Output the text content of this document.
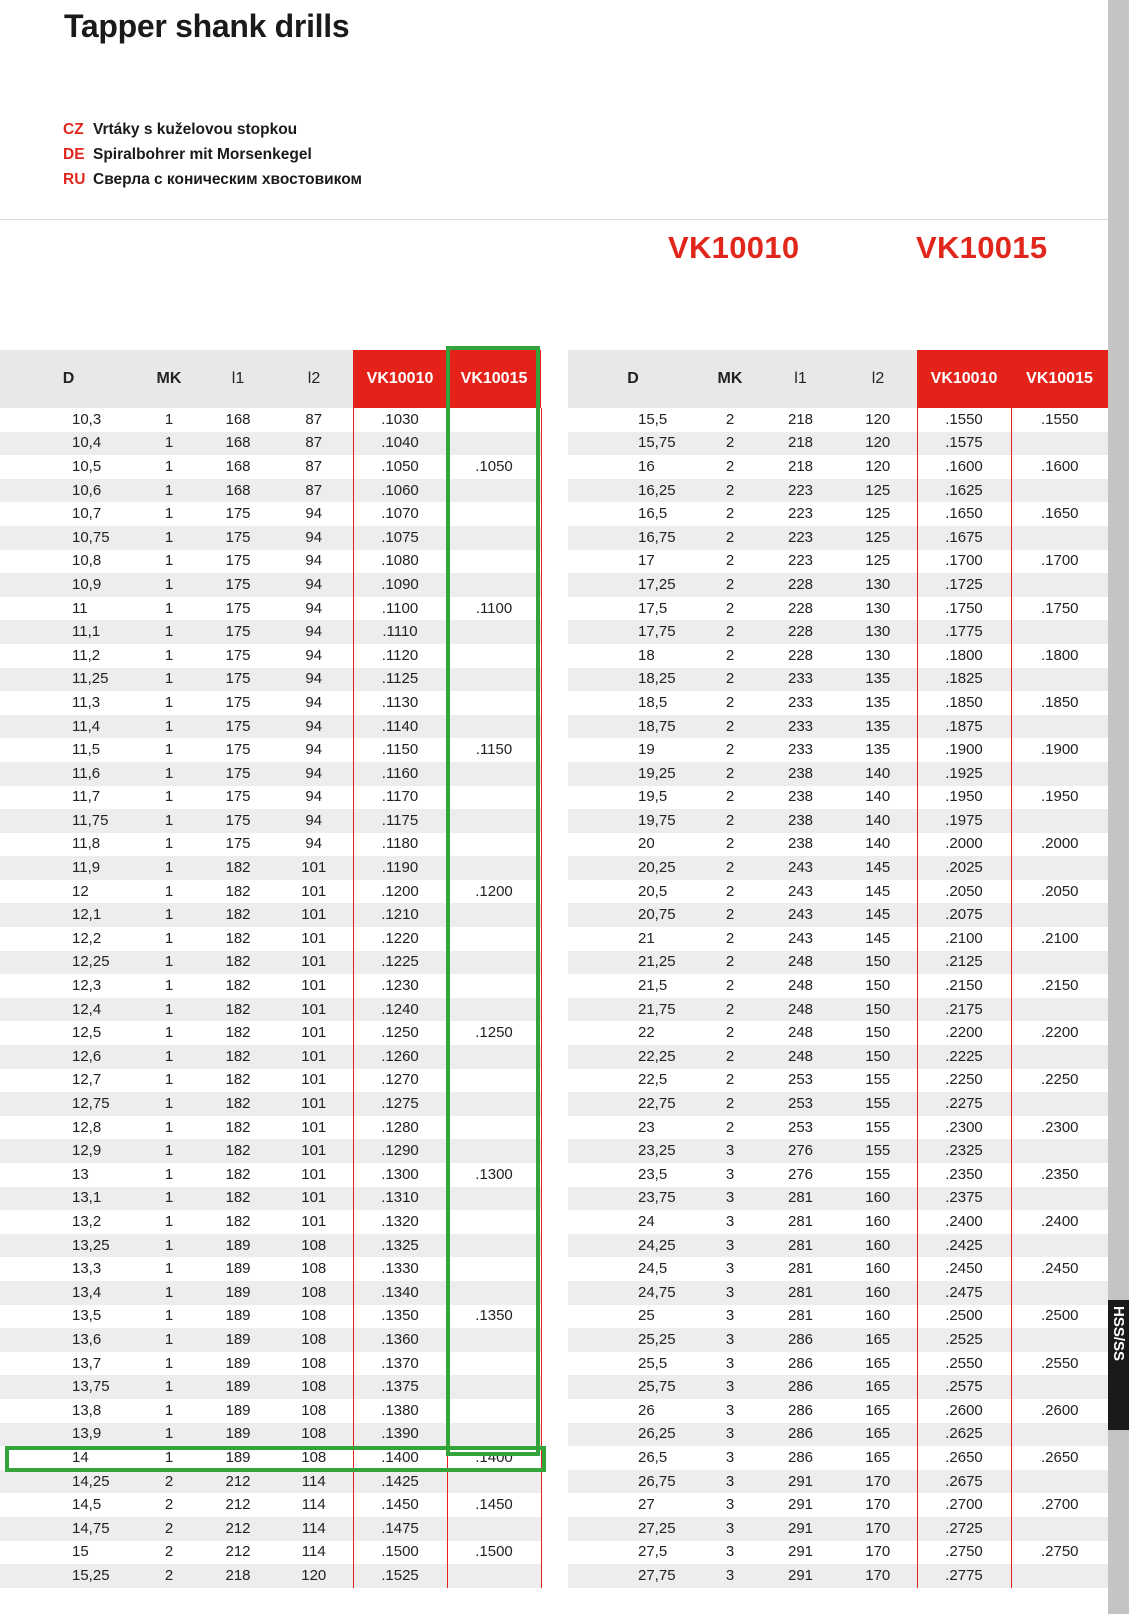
Tapper shank drills
CZ Vrtáky s kuželovou stopkou
DE Spiralbohrer mit Morsenkegel
RU Сверла с коническим хвостовиком
VK10010	VK10015
HSS/SS
D	MK	l1	l2	VK10010	VK10015
10,3	1	168	87	.1030	
10,4	1	168	87	.1040	
10,5	1	168	87	.1050	.1050
10,6	1	168	87	.1060	
10,7	1	175	94	.1070	
10,75	1	175	94	.1075	
10,8	1	175	94	.1080	
10,9	1	175	94	.1090	
11	1	175	94	.1100	.1100
11,1	1	175	94	.1110	
11,2	1	175	94	.1120	
11,25	1	175	94	.1125	
11,3	1	175	94	.1130	
11,4	1	175	94	.1140	
11,5	1	175	94	.1150	.1150
11,6	1	175	94	.1160	
11,7	1	175	94	.1170	
11,75	1	175	94	.1175	
11,8	1	175	94	.1180	
11,9	1	182	101	.1190	
12	1	182	101	.1200	.1200
12,1	1	182	101	.1210	
12,2	1	182	101	.1220	
12,25	1	182	101	.1225	
12,3	1	182	101	.1230	
12,4	1	182	101	.1240	
12,5	1	182	101	.1250	.1250
12,6	1	182	101	.1260	
12,7	1	182	101	.1270	
12,75	1	182	101	.1275	
12,8	1	182	101	.1280	
12,9	1	182	101	.1290	
13	1	182	101	.1300	.1300
13,1	1	182	101	.1310	
13,2	1	182	101	.1320	
13,25	1	189	108	.1325	
13,3	1	189	108	.1330	
13,4	1	189	108	.1340	
13,5	1	189	108	.1350	.1350
13,6	1	189	108	.1360	
13,7	1	189	108	.1370	
13,75	1	189	108	.1375	
13,8	1	189	108	.1380	
13,9	1	189	108	.1390	
14	1	189	108	.1400	.1400
14,25	2	212	114	.1425	
14,5	2	212	114	.1450	.1450
14,75	2	212	114	.1475	
15	2	212	114	.1500	.1500
15,25	2	218	120	.1525	
D	MK	l1	l2	VK10010	VK10015
15,5	2	218	120	.1550	.1550
15,75	2	218	120	.1575	
16	2	218	120	.1600	.1600
16,25	2	223	125	.1625	
16,5	2	223	125	.1650	.1650
16,75	2	223	125	.1675	
17	2	223	125	.1700	.1700
17,25	2	228	130	.1725	
17,5	2	228	130	.1750	.1750
17,75	2	228	130	.1775	
18	2	228	130	.1800	.1800
18,25	2	233	135	.1825	
18,5	2	233	135	.1850	.1850
18,75	2	233	135	.1875	
19	2	233	135	.1900	.1900
19,25	2	238	140	.1925	
19,5	2	238	140	.1950	.1950
19,75	2	238	140	.1975	
20	2	238	140	.2000	.2000
20,25	2	243	145	.2025	
20,5	2	243	145	.2050	.2050
20,75	2	243	145	.2075	
21	2	243	145	.2100	.2100
21,25	2	248	150	.2125	
21,5	2	248	150	.2150	.2150
21,75	2	248	150	.2175	
22	2	248	150	.2200	.2200
22,25	2	248	150	.2225	
22,5	2	253	155	.2250	.2250
22,75	2	253	155	.2275	
23	2	253	155	.2300	.2300
23,25	3	276	155	.2325	
23,5	3	276	155	.2350	.2350
23,75	3	281	160	.2375	
24	3	281	160	.2400	.2400
24,25	3	281	160	.2425	
24,5	3	281	160	.2450	.2450
24,75	3	281	160	.2475	
25	3	281	160	.2500	.2500
25,25	3	286	165	.2525	
25,5	3	286	165	.2550	.2550
25,75	3	286	165	.2575	
26	3	286	165	.2600	.2600
26,25	3	286	165	.2625	
26,5	3	286	165	.2650	.2650
26,75	3	291	170	.2675	
27	3	291	170	.2700	.2700
27,25	3	291	170	.2725	
27,5	3	291	170	.2750	.2750
27,75	3	291	170	.2775	
